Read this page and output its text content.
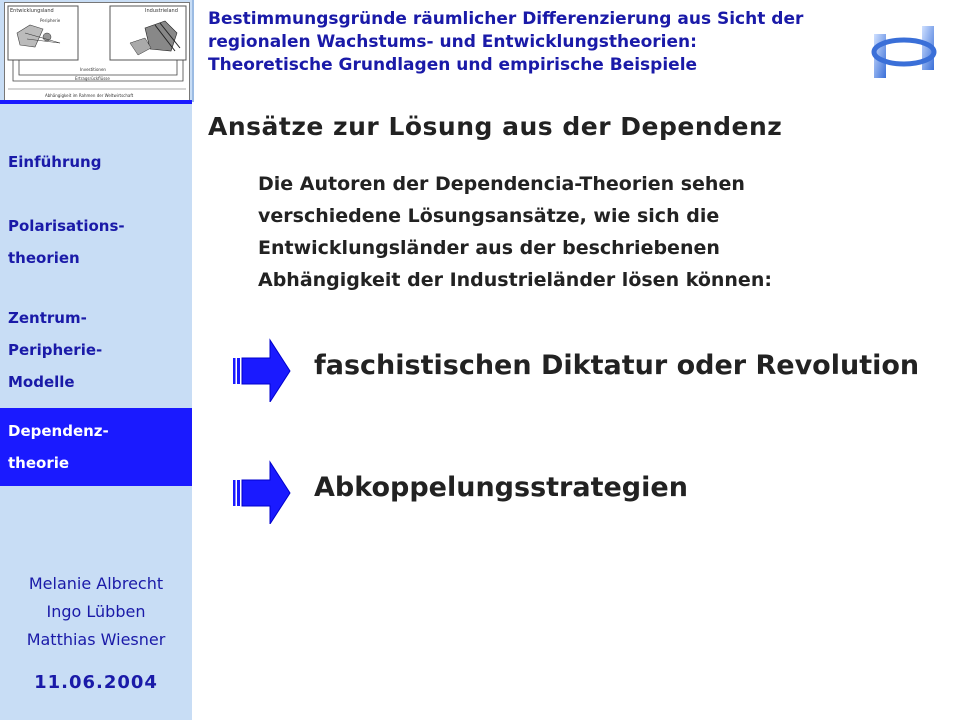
Entwicklungsland	Industrieland
Peripherie
Investitionen
Ertragsrückflüsse
Abhängigkeit im Rahmen der Weltwirtschaft
Bestimmungsgründe räumlicher Differenzierung aus Sicht der
regionalen Wachstums- und Entwicklungstheorien:
Theoretische Grundlagen und empirische Beispiele
Einführung
Polarisations-
theorien
Zentrum-
Peripherie-
Modelle
Dependenz-
theorie
Melanie Albrecht
Ingo Lübben
Matthias Wiesner
11.06.2004
Ansätze zur Lösung aus der Dependenz
Die Autoren der Dependencia-Theorien sehen
verschiedene Lösungsansätze, wie sich die
Entwicklungsländer aus der beschriebenen
Abhängigkeit der Industrieländer lösen können:
faschistischen Diktatur oder Revolution
Abkoppelungsstrategien
